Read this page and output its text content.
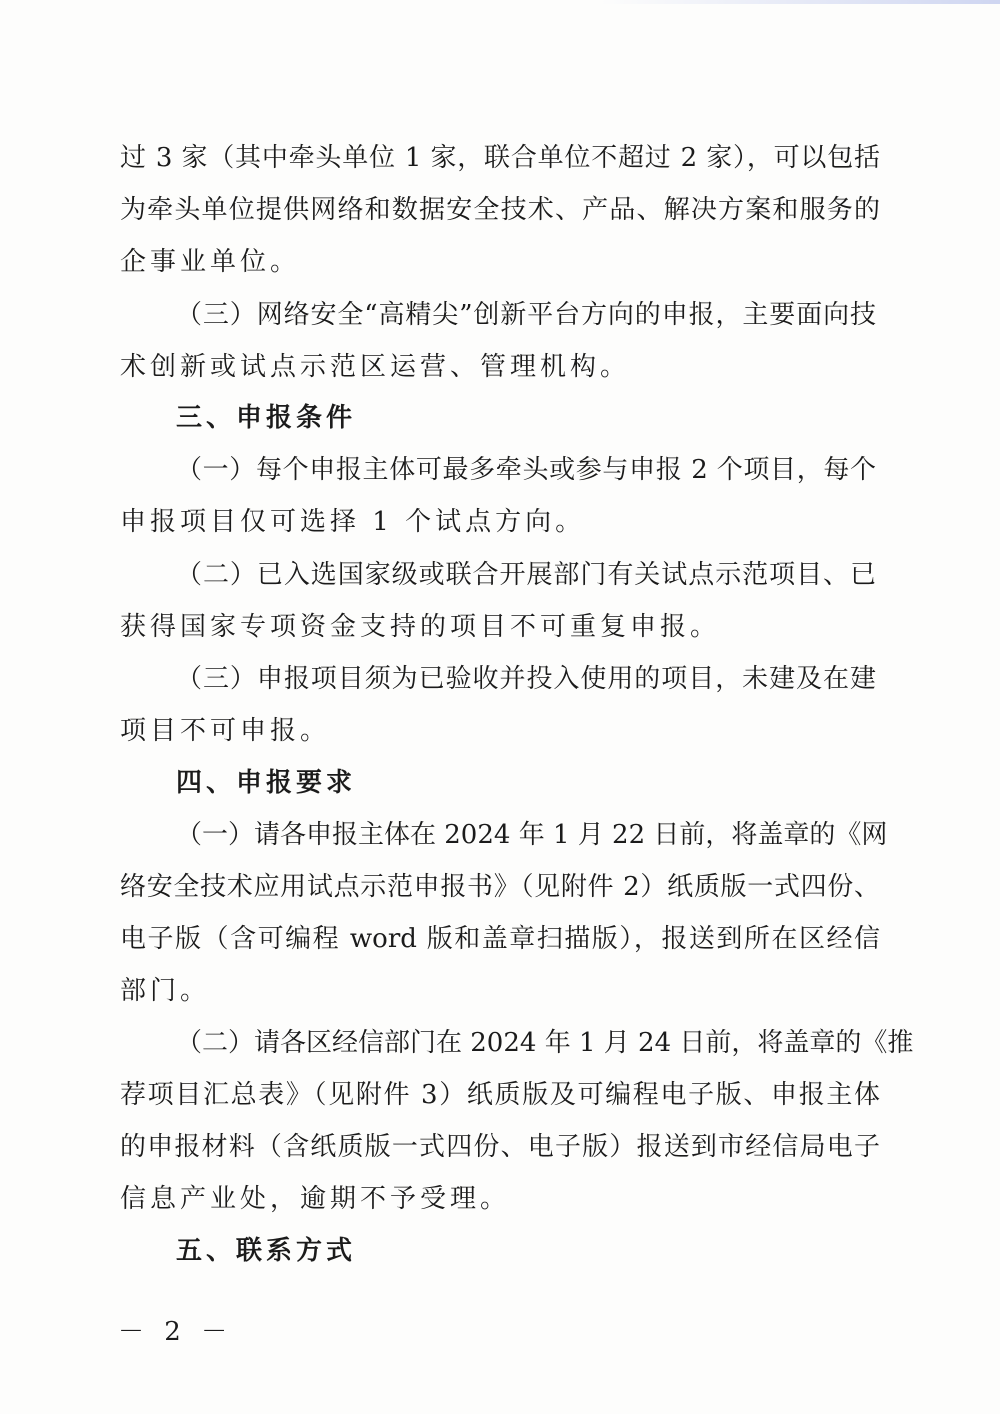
过 3 家（其中牵头单位 1 家，联合单位不超过 2 家），可以包括
为牵头单位提供网络和数据安全技术、产品、解决方案和服务的
企事业单位。
（三）网络安全“高精尖”创新平台方向的申报，主要面向技
术创新或试点示范区运营、管理机构。
三、申报条件
（一）每个申报主体可最多牵头或参与申报 2 个项目，每个
申报项目仅可选择 1 个试点方向。
（二）已入选国家级或联合开展部门有关试点示范项目、已
获得国家专项资金支持的项目不可重复申报。
（三）申报项目须为已验收并投入使用的项目，未建及在建
项目不可申报。
四、申报要求
（一）请各申报主体在 2024 年 1 月 22 日前，将盖章的《网
络安全技术应用试点示范申报书》（见附件 2）纸质版一式四份、
电子版（含可编程 word 版和盖章扫描版），报送到所在区经信
部门。
（二）请各区经信部门在 2024 年 1 月 24 日前，将盖章的《推
荐项目汇总表》（见附件 3）纸质版及可编程电子版、申报主体
的申报材料（含纸质版一式四份、电子版）报送到市经信局电子
信息产业处，逾期不予受理。
五、联系方式
－ 2 －
